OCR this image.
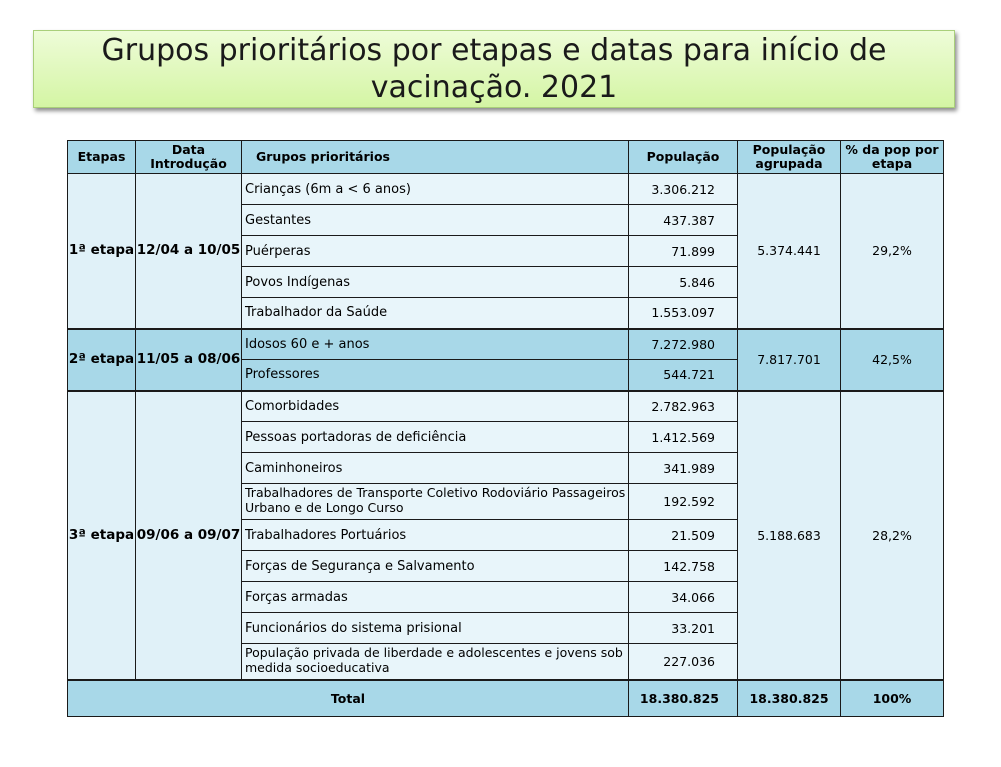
Grupos prioritários por etapas e datas para início de vacinação. 2021
Etapas	Data Introdução	Grupos prioritários	População	População agrupada	% da pop por etapa
1ª etapa	12/04 a 10/05	Crianças (6m a < 6 anos)	3.306.212	5.374.441	29,2%
		Gestantes	437.387		
		Puérperas	71.899		
		Povos Indígenas	5.846		
		Trabalhador da Saúde	1.553.097		
2ª etapa	11/05 a 08/06	Idosos 60 e + anos	7.272.980	7.817.701	42,5%
		Professores	544.721		
3ª etapa	09/06 a 09/07	Comorbidades	2.782.963	5.188.683	28,2%
		Pessoas portadoras de deficiência	1.412.569		
		Caminhoneiros	341.989		
		Trabalhadores de Transporte Coletivo Rodoviário Passageiros Urbano e de Longo Curso	192.592		
		Trabalhadores Portuários	21.509		
		Forças de Segurança e Salvamento	142.758		
		Forças armadas	34.066		
		Funcionários do sistema prisional	33.201		
		População privada de liberdade e adolescentes e jovens sob medida socioeducativa	227.036		
Total			18.380.825	18.380.825	100%
